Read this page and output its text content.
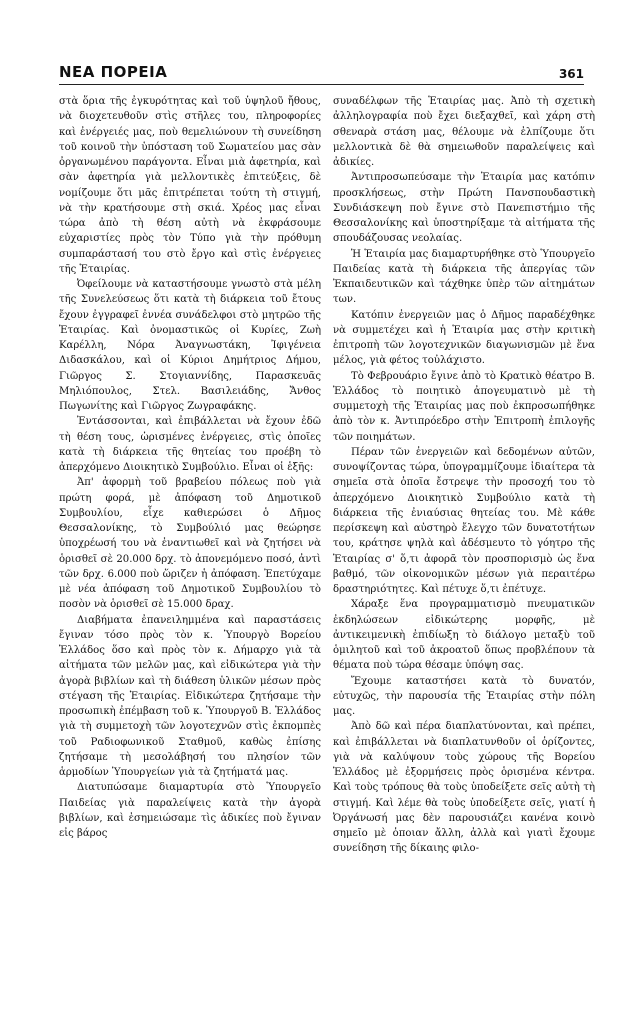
ΝΕΑ ΠΟΡΕΙΑ	361

στὰ ὅρια τῆς ἐγκυρότητας καὶ τοῦ ὑψηλοῦ ἤθους, νὰ διοχετευθοῦν στὶς στῆλες του, πληροφορίες καὶ ἐνέργειές μας, ποὺ θεμελιώνουν τὴ συνείδηση τοῦ κοινοῦ τὴν ὑπόσταση τοῦ Σωματείου μας σὰν ὀργανωμένου παράγοντα. Εἶναι μιὰ ἀφετηρία, καὶ σὰν ἀφετηρία γιὰ μελλοντικὲς ἐπιτεύξεις, δὲ νομίζουμε ὅτι μᾶς ἐπιτρέπεται τούτη τὴ στιγμή, νὰ τὴν κρατήσουμε στὴ σκιά. Χρέος μας εἶναι τώρα ἀπὸ τὴ θέση αὐτὴ νὰ ἐκφράσουμε εὐχαριστίες πρὸς τὸν Τύπο γιὰ τὴν πρόθυμη συμπαράστασή του στὸ ἔργο καὶ στὶς ἐνέργειες τῆς Ἑταιρίας.

Ὀφείλουμε νὰ καταστήσουμε γνωστὸ στὰ μέλη τῆς Συνελεύσεως ὅτι κατὰ τὴ διάρκεια τοῦ ἔτους ἔχουν ἐγγραφεῖ ἐννέα συνάδελφοι στὸ μητρῶο τῆς Ἑταιρίας. Καὶ ὀνομαστικῶς οἱ Κυρίες, Ζωὴ Καρέλλη, Νόρα Ἀναγνωστάκη, Ἰφιγένεια Διδασκάλου, καὶ οἱ Κύριοι Δημήτριος Δήμου, Γιῶργος Σ. Στογιαννίδης, Παρασκευᾶς Μηλιόπουλος, Στελ. Βασιλειάδης, Ἄνθος Πωγωνίτης καὶ Γιῶργος Ζωγραφάκης.

Ἐντάσσονται, καὶ ἐπιβάλλεται νὰ ἔχουν ἐδῶ τὴ θέση τους, ὡρισμένες ἐνέργειες, στὶς ὁποῖες κατὰ τὴ διάρκεια τῆς θητείας του προέβη τὸ ἀπερχόμενο Διοικητικὸ Συμβούλιο. Εἶναι οἱ ἑξῆς:

Ἀπ' ἀφορμὴ τοῦ βραβείου πόλεως ποὺ γιὰ πρώτη φορά, μὲ ἀπόφαση τοῦ Δημοτικοῦ Συμβουλίου, εἶχε καθιερώσει ὁ Δῆμος Θεσσαλονίκης, τὸ Συμβούλιό μας θεώρησε ὑποχρέωσή του νὰ ἐναντιωθεῖ καὶ νὰ ζητήσει νὰ ὁρισθεῖ σὲ 20.000 δρχ. τὸ ἀπονεμόμενο ποσό, ἀντὶ τῶν δρχ. 6.000 ποὺ ὥριζεν ἡ ἀπόφαση. Ἐπετύχαμε μὲ νέα ἀπόφαση τοῦ Δημοτικοῦ Συμβουλίου τὸ ποσὸν νὰ ὁρισθεῖ σὲ 15.000 δραχ.

Διαβήματα ἐπανειλημμένα καὶ παραστάσεις ἔγιναν τόσο πρὸς τὸν κ. Ὑπουργὸ Βορείου Ἑλλάδος ὅσο καὶ πρὸς τὸν κ. Δήμαρχο γιὰ τὰ αἰτήματα τῶν μελῶν μας, καὶ εἰδικώτερα γιὰ τὴν ἀγορὰ βιβλίων καὶ τὴ διάθεση ὑλικῶν μέσων πρὸς στέγαση τῆς Ἑταιρίας. Εἰδικώτερα ζητήσαμε τὴν προσωπικὴ ἐπέμβαση τοῦ κ. Ὑπουργοῦ Β. Ἑλλάδος γιὰ τὴ συμμετοχὴ τῶν λογοτεχνῶν στὶς ἐκπομπὲς τοῦ Ραδιοφωνικοῦ Σταθμοῦ, καθὼς ἐπίσης ζητήσαμε τὴ μεσολάβησή του πλησίον τῶν ἁρμοδίων Ὑπουργείων γιὰ τὰ ζητήματά μας.

Διατυπώσαμε διαμαρτυρία στὸ Ὑπουργεῖο Παιδείας γιὰ παραλείψεις κατὰ τὴν ἀγορὰ βιβλίων, καὶ ἐσημειώσαμε τὶς ἀδικίες ποὺ ἔγιναν εἰς βάρος

συναδέλφων τῆς Ἑταιρίας μας. Ἀπὸ τὴ σχετικὴ ἀλληλογραφία ποὺ ἔχει διεξαχθεῖ, καὶ χάρη στὴ σθεναρὰ στάση μας, θέλουμε νὰ ἐλπίζουμε ὅτι μελλοντικὰ δὲ θὰ σημειωθοῦν παραλείψεις καὶ ἀδικίες.

Ἀντιπροσωπεύσαμε τὴν Ἑταιρία μας κατόπιν προσκλήσεως, στὴν Πρώτη Πανσπουδαστικὴ Συνδιάσκεψη ποὺ ἔγινε στὸ Πανεπιστήμιο τῆς Θεσσαλονίκης καὶ ὑποστηρίξαμε τὰ αἰτήματα τῆς σπουδάζουσας νεολαίας.

Ἡ Ἑταιρία μας διαμαρτυρήθηκε στὸ Ὑπουργεῖο Παιδείας κατὰ τὴ διάρκεια τῆς ἀπεργίας τῶν Ἐκπαιδευτικῶν καὶ τάχθηκε ὑπὲρ τῶν αἰτημάτων των.

Κατόπιν ἐνεργειῶν μας ὁ Δῆμος παραδέχθηκε νὰ συμμετέχει καὶ ἡ Ἑταιρία μας στὴν κριτικὴ ἐπιτροπὴ τῶν λογοτεχνικῶν διαγωνισμῶν μὲ ἕνα μέλος, γιὰ φέτος τοὐλάχιστο.

Τὸ Φεβρουάριο ἔγινε ἀπὸ τὸ Κρατικὸ θέατρο Β. Ἑλλάδος τὸ ποιητικὸ ἀπογευματινὸ μὲ τὴ συμμετοχὴ τῆς Ἑταιρίας μας ποὺ ἐκπροσωπήθηκε ἀπὸ τὸν κ. Ἀντιπρόεδρο στὴν Ἐπιτροπὴ ἐπιλογῆς τῶν ποιημάτων.

Πέραν τῶν ἐνεργειῶν καὶ δεδομένων αὐτῶν, συνοψίζοντας τώρα, ὑπογραμμίζουμε ἰδιαίτερα τὰ σημεῖα στὰ ὁποῖα ἔστρεψε τὴν προσοχή του τὸ ἀπερχόμενο Διοικητικὸ Συμβούλιο κατὰ τὴ διάρκεια τῆς ἐνιαύσιας θητείας του. Μὲ κάθε περίσκεψη καὶ αὐστηρὸ ἔλεγχο τῶν δυνατοτήτων του, κράτησε ψηλὰ καὶ ἀδέσμευτο τὸ γόητρο τῆς Ἑταιρίας σ' ὅ,τι ἀφορᾶ τὸν προσπορισμὸ ὡς ἕνα βαθμό, τῶν οἰκονομικῶν μέσων γιὰ περαιτέρω δραστηριότητες. Καὶ πέτυχε ὅ,τι ἐπέτυχε.

Χάραξε ἕνα προγραμματισμὸ πνευματικῶν ἐκδηλώσεων εἰδικώτερης μορφῆς, μὲ ἀντικειμενικὴ ἐπιδίωξη τὸ διάλογο μεταξὺ τοῦ ὁμιλητοῦ καὶ τοῦ ἀκροατοῦ ὅπως προβλέπουν τὰ θέματα ποὺ τώρα θέσαμε ὑπόψη σας.

Ἔχουμε καταστήσει κατὰ τὸ δυνατόν, εὐτυχῶς, τὴν παρουσία τῆς Ἑταιρίας στὴν πόλη μας.

Ἀπὸ δῶ καὶ πέρα διαπλατύνονται, καὶ πρέπει, καὶ ἐπιβάλλεται νὰ διαπλατυνθοῦν οἱ ὁρίζοντες, γιὰ νὰ καλύψουν τοὺς χώρους τῆς Βορείου Ἑλλάδος μὲ ἐξορμήσεις πρὸς ὁρισμένα κέντρα. Καὶ τοὺς τρόπους θὰ τοὺς ὑποδείξετε σεῖς αὐτὴ τὴ στιγμή. Καὶ λέμε θὰ τοὺς ὑποδείξετε σεῖς, γιατί ἡ Ὀργάνωσή μας δὲν παρουσιάζει κανένα κοινὸ σημεῖο μὲ ὁποιαν ἄλλη, ἀλλὰ καὶ γιατὶ ἔχουμε συνείδηση τῆς δίκαιης φιλο-
